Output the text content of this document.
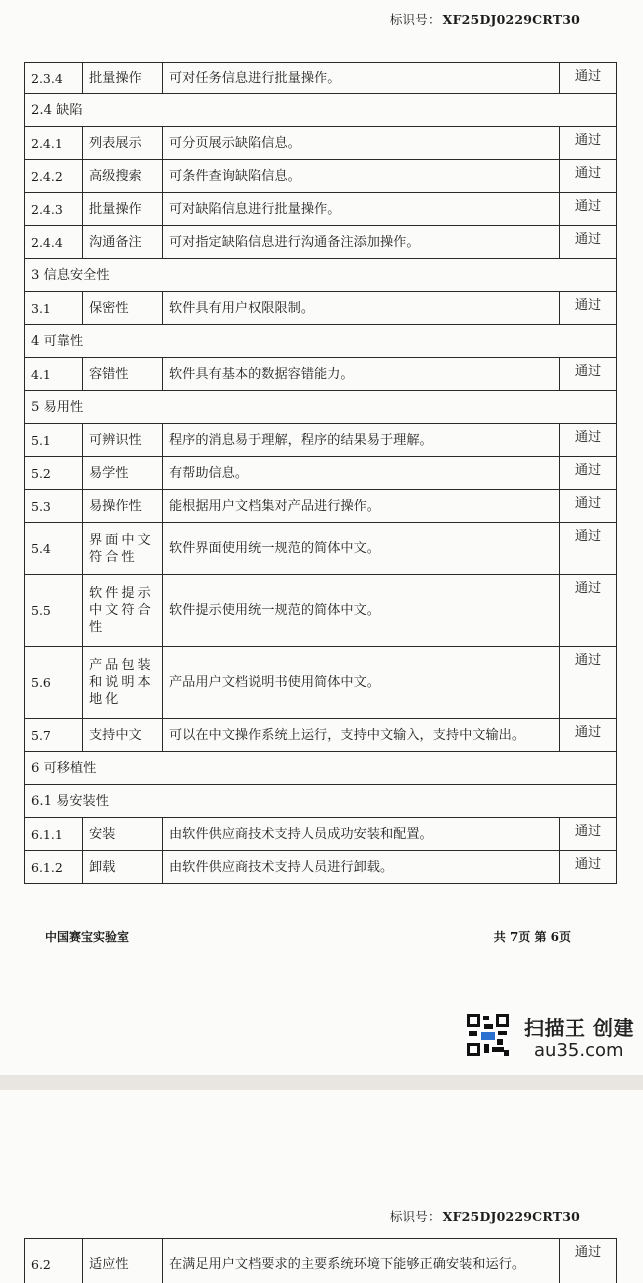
标识号： XF25DJ0229CRT30
2.3.4	批量操作	可对任务信息进行批量操作。	通过
2.4 缺陷			
2.4.1	列表展示	可分页展示缺陷信息。	通过
2.4.2	高级搜索	可条件查询缺陷信息。	通过
2.4.3	批量操作	可对缺陷信息进行批量操作。	通过
2.4.4	沟通备注	可对指定缺陷信息进行沟通备注添加操作。	通过
3 信息安全性			
3.1	保密性	软件具有用户权限限制。	通过
4 可靠性			
4.1	容错性	软件具有基本的数据容错能力。	通过
5 易用性			
5.1	可辨识性	程序的消息易于理解，程序的结果易于理解。	通过
5.2	易学性	有帮助信息。	通过
5.3	易操作性	能根据用户文档集对产品进行操作。	通过
5.4	界面中文符合性	软件界面使用统一规范的简体中文。	通过
5.5	软件提示中文符合性	软件提示使用统一规范的简体中文。	通过
5.6	产品包装和说明本地化	产品用户文档说明书使用简体中文。	通过
5.7	支持中文	可以在中文操作系统上运行，支持中文输入，支持中文输出。	通过
6 可移植性			
6.1 易安装性			
6.1.1	安装	由软件供应商技术支持人员成功安装和配置。	通过
6.1.2	卸载	由软件供应商技术支持人员进行卸载。	通过
中国赛宝实验室	共 7页 第 6页
扫描王 创建
au35.com
标识号： XF25DJ0229CRT30
6.2	适应性	在满足用户文档要求的主要系统环境下能够正确安装和运行。	通过
